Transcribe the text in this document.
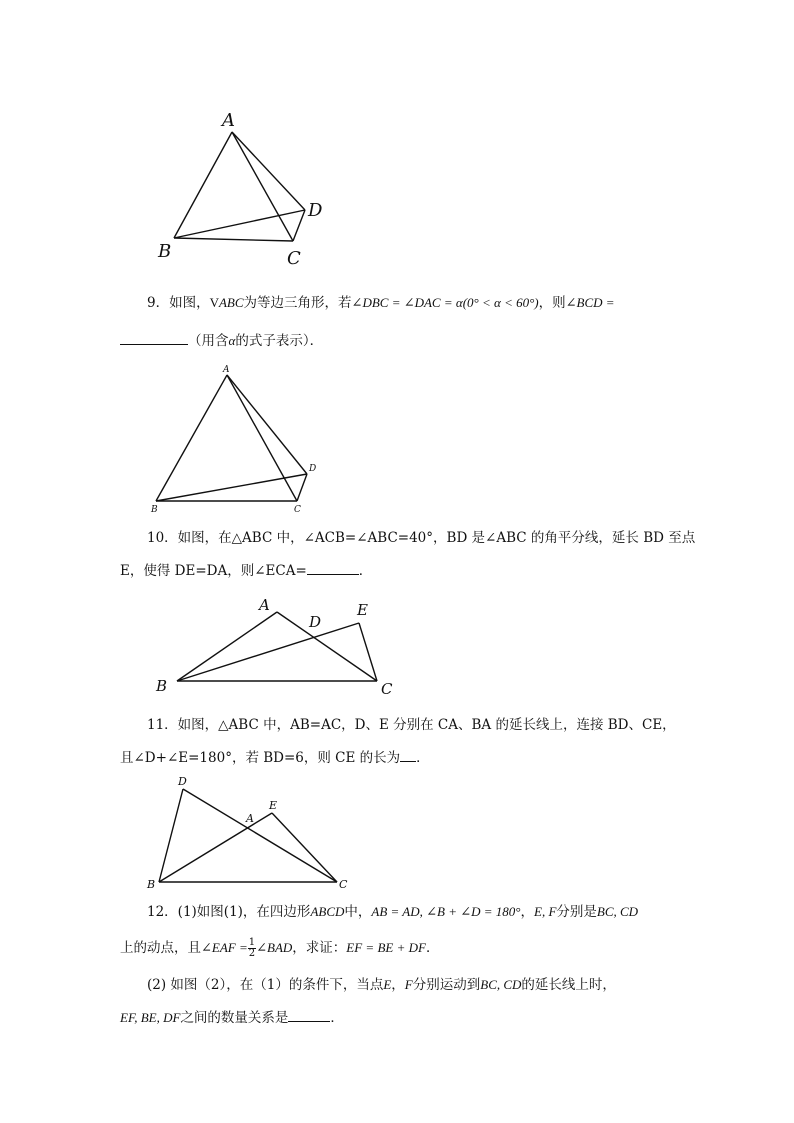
A
B	C
D
9．如图，VABC为等边三角形，若∠DBC = ∠DAC = α(0° < α < 60°)，则∠BCD =
（用含α的式子表示）．
A
B	C
D
10．如图，在△ABC 中，∠ACB=∠ABC=40°，BD 是∠ABC 的角平分线，延长 BD 至点
E，使得 DE=DA，则∠ECA=	．
A
B	C
D
E
11．如图，△ABC 中，AB=AC，D、E 分别在 CA、BA 的延长线上，连接 BD、CE，
且∠D+∠E=180°，若 BD=6，则 CE 的长为 ．
D
E
A
B	C
12．(1)如图(1)，在四边形ABCD中，AB = AD, ∠B + ∠D = 180°，E, F分别是BC, CD
上的动点，且∠EAF = $\frac{1}{2}$ ∠BAD，求证：EF = BE + DF．
(2) 如图（2），在（1）的条件下，当点E，F分别运动到BC, CD的延长线上时，
EF, BE, DF之间的数量关系是	．
